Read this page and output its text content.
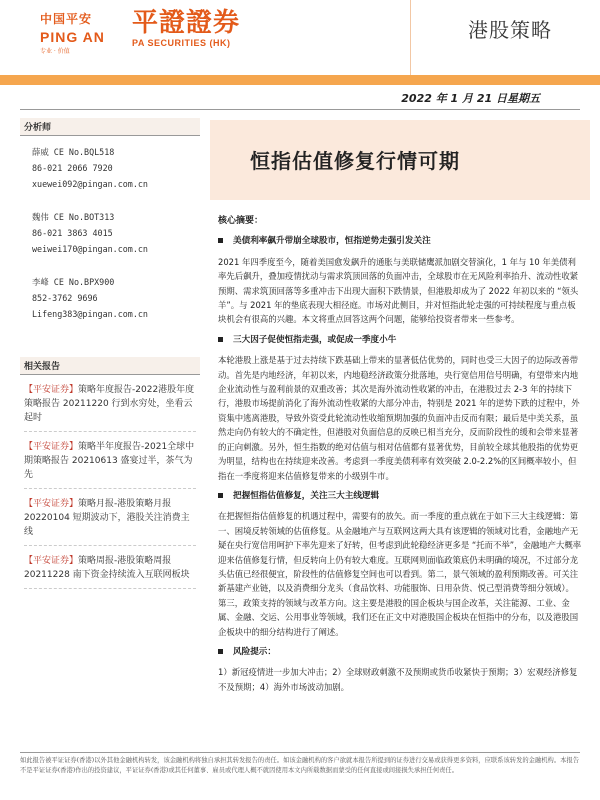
中国平安
PING AN
专业 · 价值
平證證券
PA SECURITIES (HK)
港股策略
2022 年 1 月 21 日星期五
分析师
薛威 CE No.BQL518
86-021 2066 7920
xuewei092@pingan.com.cn
魏伟 CE No.BOT313
86-021 3863 4015
weiwei170@pingan.com.cn
李峰 CE No.BPX900
852-3762 9696
Lifeng383@pingan.com.cn
相关报告
【平安证券】策略年度报告-2022港股年度策略报告 20211220 行到水穷处，坐看云起时
【平安证券】策略半年度报告-2021全球中期策略报告 20210613 盛宴过半，茶气为先
【平安证券】策略月报-港股策略月报 20220104 短期波动下，港股关注消费主线
【平安证券】策略周报-港股策略周报 20211228 南下资金持续流入互联网板块
恒指估值修复行情可期
核心摘要：
美债利率飙升带崩全球股市，恒指逆势走强引发关注
2021 年四季度至今，随着美国愈发飙升的通胀与美联储鹰派加剧交替演化，1 年与 10 年美债利率先后飙升，叠加疫情扰动与需求筑顶回落的负面冲击，全球股市在无风险利率抬升、流动性收紧预期、需求筑顶回落等多重冲击下出现大面积下跌情景，但港股却成为了 2022 年初以来的 “领头羊”。与 2021 年的垫底表现大相径庭。市场对此侧目，并对恒指此轮走强的可持续程度与重点板块机会有很高的兴趣。本文将重点回答这两个问题，能够给投资者带来一些参考。
三大因子促使恒指走强，或促成一季度小牛
本轮港股上涨是基于过去持续下跌基础上带来的显著低估优势的，同时也受三大因子的边际改善带动。首先是内地经济，年初以来，内地稳经济政策分批落地，央行宽信用信号明确，有望带来内地企业流动性与盈利前景的双重改善；其次是海外流动性收紧的冲击，在港股过去 2-3 年的持续下行，港股市场提前消化了海外流动性收紧的大部分冲击，特别是 2021 年的逆势下跌的过程中，外资集中逃离港股，导致外资受此轮流动性收缩预期加强的负面冲击反而有限；最后是中美关系，虽然走向仍有较大的不确定性，但港股对负面信息的反映已相当充分，反而阶段性的缓和会带来显著的正向刺激。另外，恒生指数的绝对估值与相对估值都有显著优势，目前较全球其他股指的优势更为明显，结构也在持续迎来改善。考虑到一季度美债利率有效突破 2.0-2.2%的区间概率较小，但指在一季度将迎来估值修复带来的小级别牛市。
把握恒指估值修复，关注三大主线逻辑
在把握恒指估值修复的机遇过程中，需要有的放矢。而一季度的重点就在于如下三大主线逻辑：第一、困境反转领域的估值修复。从金融地产与互联网这两大具有该逻辑的领域对比看，金融地产无疑在央行宽信用呵护下率先迎来了好转，但考虑到此轮稳经济更多是 “托而不举”，金融地产大概率迎来估值修复行情，但反转向上仍有较大难度。互联网则面临政策底仍未明确的境况，不过部分龙头估值已经很便宜，阶段性的估值修复空间也可以看到。第二，景气领域的盈利预期改善。可关注新基建产业链，以及消费细分龙头（食品饮料、功能服饰、日用杂货、悦己型消费等细分领域）。第三，政策支持的领域与改革方向。这主要是港股的国企板块与国企改革，关注能源、工业、金属、金融、交运、公用事业等领域，我们还在正文中对港股国企板块在恒指中的分布，以及港股国企板块中的细分结构进行了阐述。
风险提示：
1）新冠疫情进一步加大冲击；2）全球财政刺激不及预期或货币收紧快于预期；3）宏观经济修复不及预期；4）海外市场波动加剧。
如此报告被平证证券(香港)以外其他金融机构转发，该金融机构将独自承担其转发报告的责任。如该金融机构的客户欲就本报告所提到的证券进行交易或获得更多资料，应联系该转发的金融机构。本报告不是平证证券(香港)作出的投资建议，平证证券(香港)或其任何董事、雇员或代理人概不就因使用本文内所载数据而蒙受的任何直接或间接损失承担任何责任。
